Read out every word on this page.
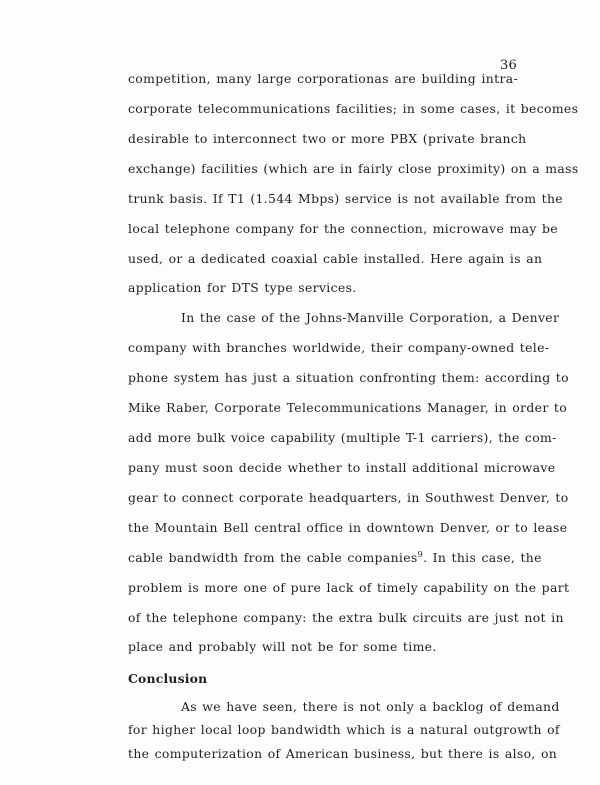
36
competition, many large corporationas are building intra-
corporate telecommunications facilities; in some cases, it becomes
desirable to interconnect two or more PBX (private branch
exchange) facilities (which are in fairly close proximity) on a mass
trunk basis. If T1 (1.544 Mbps) service is not available from the
local telephone company for the connection, microwave may be
used, or a dedicated coaxial cable installed. Here again is an
application for DTS type services.
In the case of the Johns-Manville Corporation, a Denver
company with branches worldwide, their company-owned tele-
phone system has just a situation confronting them: according to
Mike Raber, Corporate Telecommunications Manager, in order to
add more bulk voice capability (multiple T-1 carriers), the com-
pany must soon decide whether to install additional microwave
gear to connect corporate headquarters, in Southwest Denver, to
the Mountain Bell central office in downtown Denver, or to lease
cable bandwidth from the cable companies$^9$. In this case, the
problem is more one of pure lack of timely capability on the part
of the telephone company: the extra bulk circuits are just not in
place and probably will not be for some time.
Conclusion
As we have seen, there is not only a backlog of demand
for higher local loop bandwidth which is a natural outgrowth of
the computerization of American business, but there is also, on
